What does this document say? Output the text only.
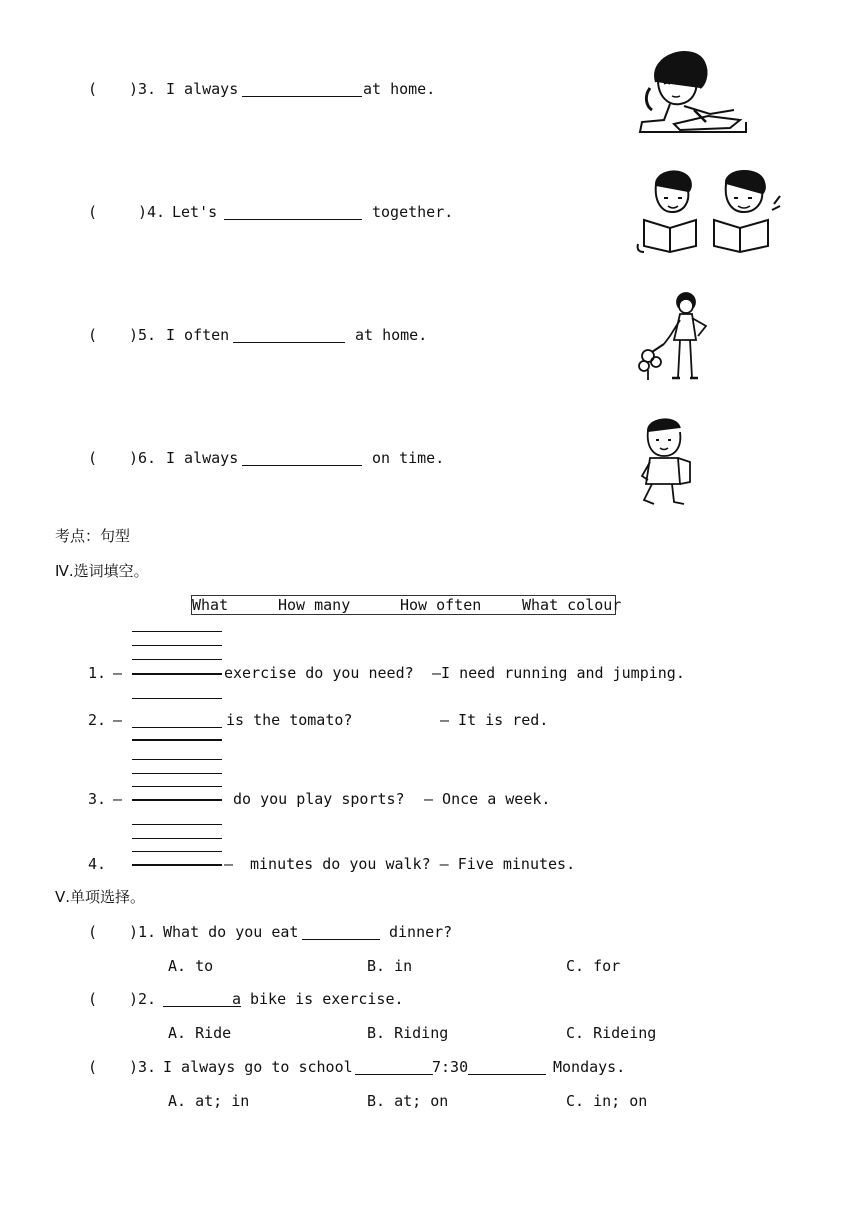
( )3. I always	at home.
(	)4. Let's	together.
( )5. I often	at home.
( )6. I always	on time.
考点：句型
Ⅳ.选词填空。
What	How many	How often	What colour
1. —	exercise do you need? —I need running and jumping.
2. —	is the tomato?	— It is red.
3. —	do you play sports? — Once a week.
4.	— minutes do you walk? — Five minutes.
Ⅴ.单项选择。
( )1. What do you eat	dinner?
A. to	B. in	C. for
( )2.	a bike is exercise.
A. Ride	B. Riding	C. Rideing
( )3. I always go to school	7:30	Mondays.
A. at; in	B. at; on	C. in; on
